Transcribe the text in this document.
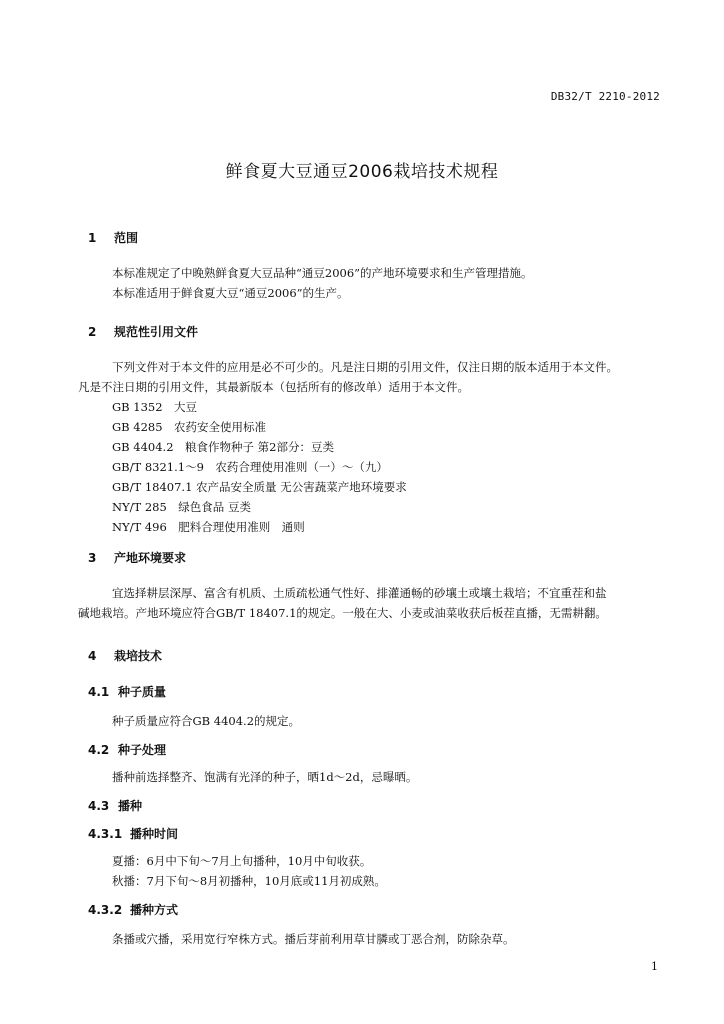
DB32/T 2210-2012
鲜食夏大豆通豆2006栽培技术规程
1 范围
本标准规定了中晚熟鲜食夏大豆品种“通豆2006”的产地环境要求和生产管理措施。
本标准适用于鲜食夏大豆“通豆2006”的生产。
2 规范性引用文件
下列文件对于本文件的应用是必不可少的。凡是注日期的引用文件，仅注日期的版本适用于本文件。
凡是不注日期的引用文件，其最新版本（包括所有的修改单）适用于本文件。
GB 1352　大豆
GB 4285　农药安全使用标准
GB 4404.2　粮食作物种子 第2部分：豆类
GB/T 8321.1～9　农药合理使用准则（一）～（九）
GB/T 18407.1 农产品安全质量 无公害蔬菜产地环境要求
NY/T 285　绿色食品 豆类
NY/T 496　肥料合理使用准则　通则
3 产地环境要求
宜选择耕层深厚、富含有机质、土质疏松通气性好、排灌通畅的砂壤土或壤土栽培；不宜重茬和盐
碱地栽培。产地环境应符合GB/T 18407.1的规定。一般在大、小麦或油菜收获后板茬直播，无需耕翻。
4 栽培技术
4.1 种子质量
种子质量应符合GB 4404.2的规定。
4.2 种子处理
播种前选择整齐、饱满有光泽的种子，晒1d～2d，忌曝晒。
4.3 播种
4.3.1 播种时间
夏播：6月中下旬～7月上旬播种，10月中旬收获。
秋播：7月下旬～8月初播种，10月底或11月初成熟。
4.3.2 播种方式
条播或穴播，采用宽行窄株方式。播后芽前利用草甘膦或丁恶合剂，防除杂草。
1
